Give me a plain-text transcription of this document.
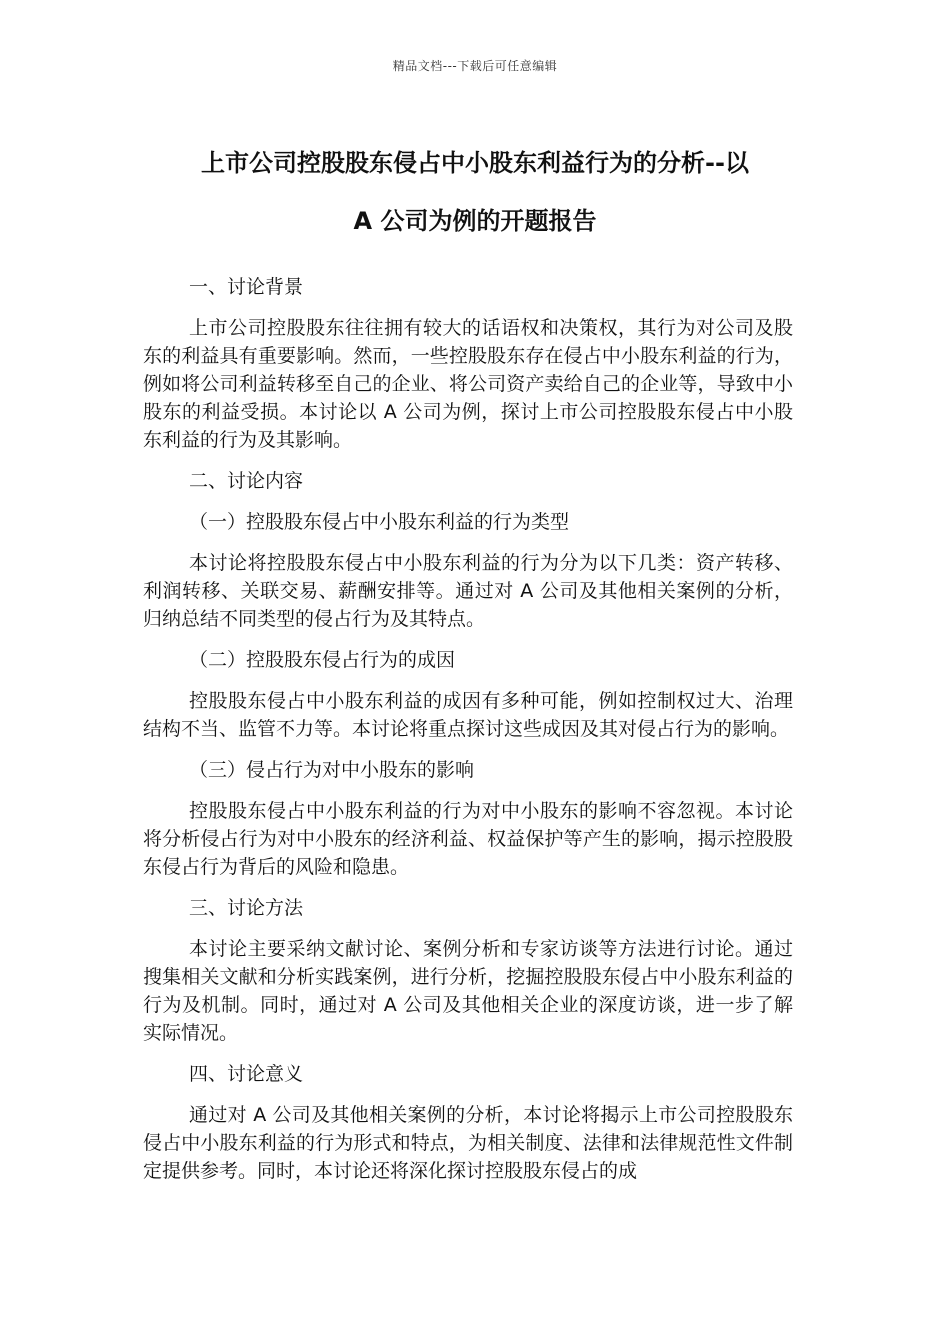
精品文档---下载后可任意编辑
上市公司控股股东侵占中小股东利益行为的分析--以
A 公司为例的开题报告

一、讨论背景

上市公司控股股东往往拥有较大的话语权和决策权，其行为对公司及股东的利益具有重要影响。然而，一些控股股东存在侵占中小股东利益的行为，例如将公司利益转移至自己的企业、将公司资产卖给自己的企业等，导致中小股东的利益受损。本讨论以 A 公司为例，探讨上市公司控股股东侵占中小股东利益的行为及其影响。

二、讨论内容

（一）控股股东侵占中小股东利益的行为类型

本讨论将控股股东侵占中小股东利益的行为分为以下几类：资产转移、利润转移、关联交易、薪酬安排等。通过对 A 公司及其他相关案例的分析，归纳总结不同类型的侵占行为及其特点。

（二）控股股东侵占行为的成因

控股股东侵占中小股东利益的成因有多种可能，例如控制权过大、治理结构不当、监管不力等。本讨论将重点探讨这些成因及其对侵占行为的影响。

（三）侵占行为对中小股东的影响

控股股东侵占中小股东利益的行为对中小股东的影响不容忽视。本讨论将分析侵占行为对中小股东的经济利益、权益保护等产生的影响，揭示控股股东侵占行为背后的风险和隐患。

三、讨论方法

本讨论主要采纳文献讨论、案例分析和专家访谈等方法进行讨论。通过搜集相关文献和分析实践案例，进行分析，挖掘控股股东侵占中小股东利益的行为及机制。同时，通过对 A 公司及其他相关企业的深度访谈，进一步了解实际情况。

四、讨论意义

通过对 A 公司及其他相关案例的分析，本讨论将揭示上市公司控股股东侵占中小股东利益的行为形式和特点，为相关制度、法律和法律规范性文件制定提供参考。同时，本讨论还将深化探讨控股股东侵占的成
